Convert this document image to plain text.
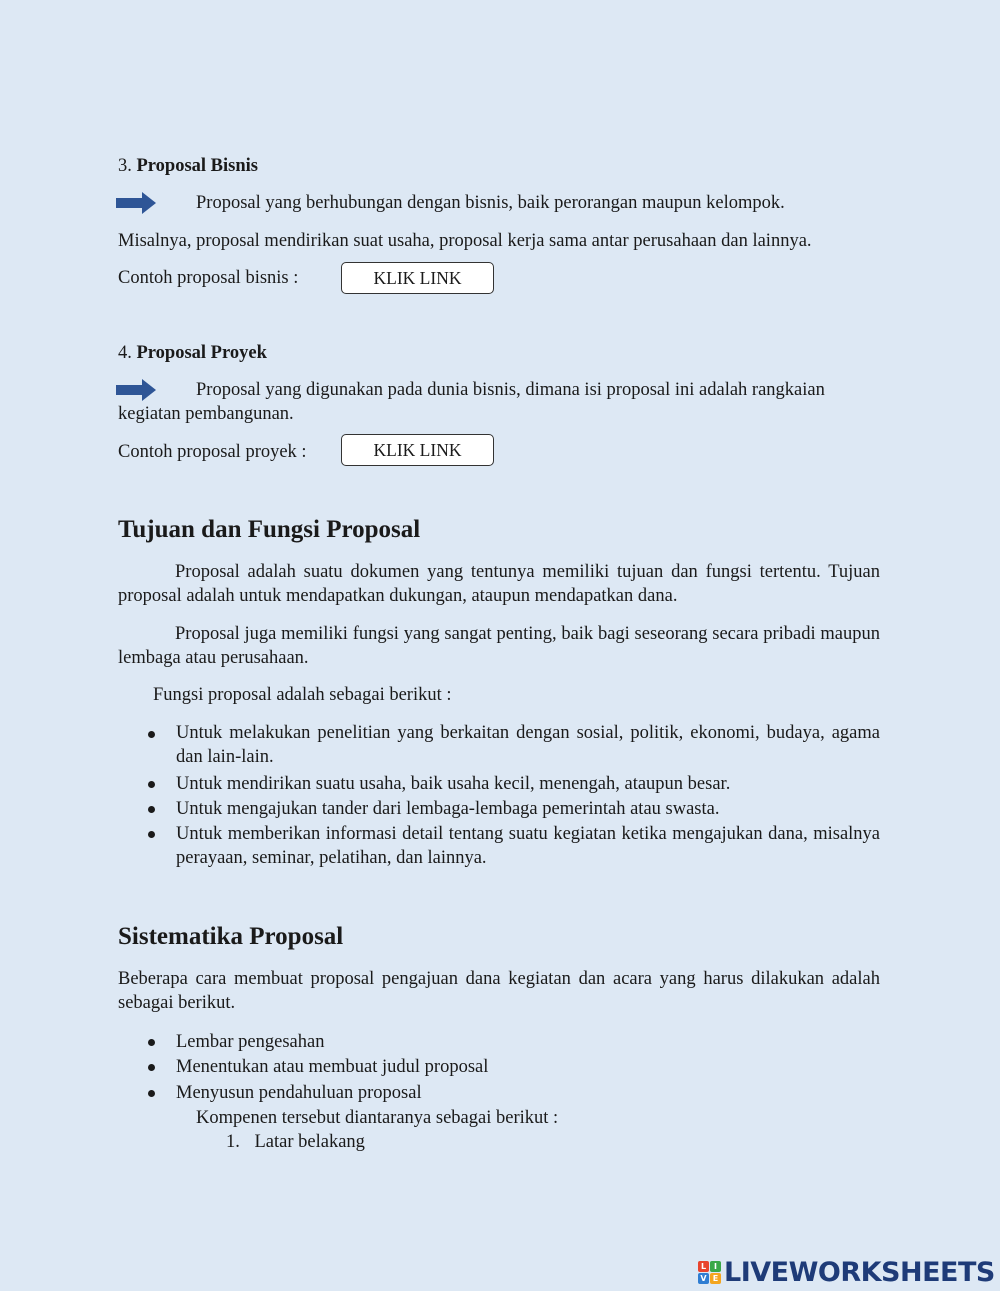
3. Proposal Bisnis
Proposal yang berhubungan dengan bisnis, baik perorangan maupun kelompok.
Misalnya, proposal mendirikan suat usaha, proposal kerja sama antar perusahaan dan lainnya.
Contoh proposal bisnis :	KLIK LINK
4. Proposal Proyek
Proposal yang digunakan pada dunia bisnis, dimana isi proposal ini adalah rangkaian
kegiatan pembangunan.
Contoh proposal proyek :	KLIK LINK
Tujuan dan Fungsi Proposal
Proposal adalah suatu dokumen yang tentunya memiliki tujuan dan fungsi tertentu. Tujuan proposal adalah untuk mendapatkan dukungan, ataupun mendapatkan dana.
Proposal juga memiliki fungsi yang sangat penting, baik bagi seseorang secara pribadi maupun lembaga atau perusahaan.
Fungsi proposal adalah sebagai berikut :
Untuk melakukan penelitian yang berkaitan dengan sosial, politik, ekonomi, budaya, agama dan lain-lain.
Untuk mendirikan suatu usaha, baik usaha kecil, menengah, ataupun besar.
Untuk mengajukan tander dari lembaga-lembaga pemerintah atau swasta.
Untuk memberikan informasi detail tentang suatu kegiatan ketika mengajukan dana, misalnya perayaan, seminar, pelatihan, dan lainnya.
Sistematika Proposal
Beberapa cara membuat proposal pengajuan dana kegiatan dan acara yang harus dilakukan adalah sebagai berikut.
Lembar pengesahan
Menentukan atau membuat judul proposal
Menyusun pendahuluan proposal
Kompenen tersebut diantaranya sebagai berikut :
1. Latar belakang
L I
V E LIVEWORKSHEETS
